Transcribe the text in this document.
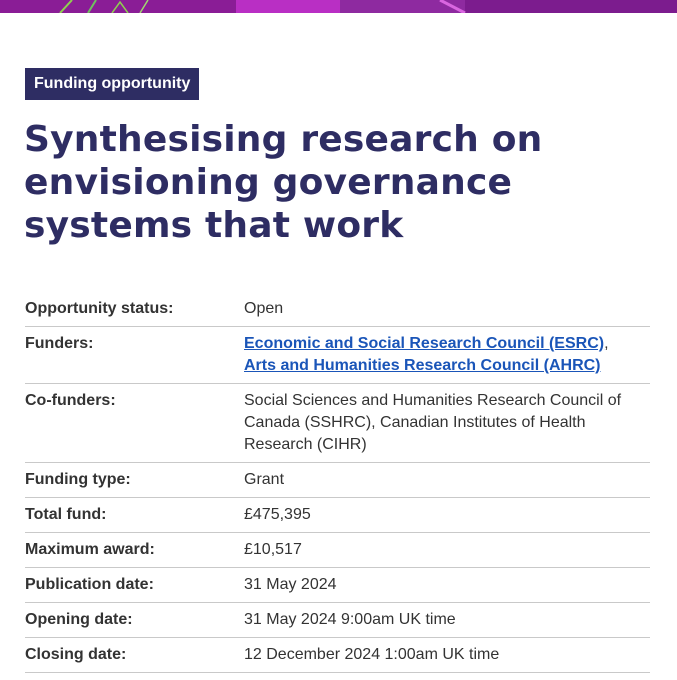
Funding opportunity
Synthesising research on envisioning governance systems that work
Opportunity status:	Open
Funders:	Economic and Social Research Council (ESRC),
Arts and Humanities Research Council (AHRC)
Co-funders:	Social Sciences and Humanities Research Council of Canada (SSHRC), Canadian Institutes of Health Research (CIHR)
Funding type:	Grant
Total fund:	£475,395
Maximum award:	£10,517
Publication date:	31 May 2024
Opening date:	31 May 2024 9:00am UK time
Closing date:	12 December 2024 1:00am UK time
